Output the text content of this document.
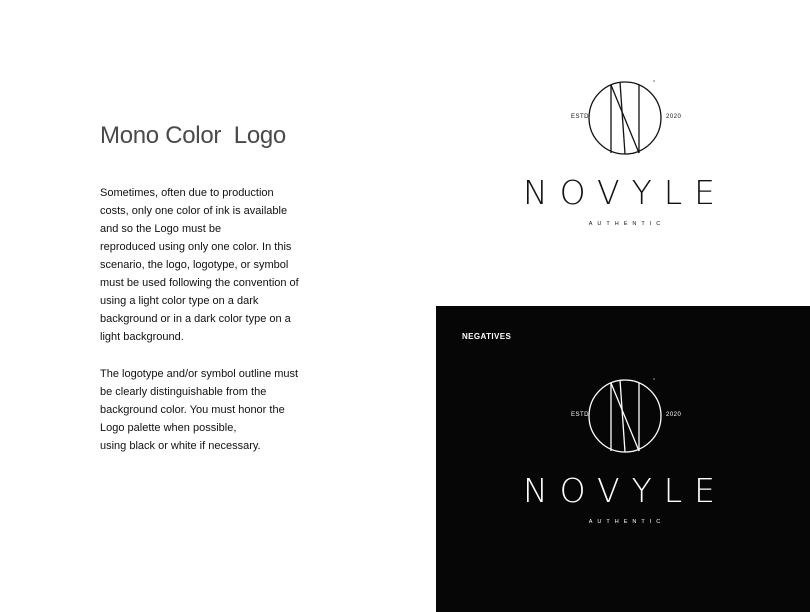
Mono Color  Logo
Sometimes, often due to production
costs, only one color of ink is available
and so the Logo must be
reproduced using only one color. In this
scenario, the logo, logotype, or symbol
must be used following the convention of
using a light color type on a dark
background or in a dark color type on a
light background.
The logotype and/or symbol outline must
be clearly distinguishable from the
background color. You must honor the
Logo palette when possible,
using black or white if necessary.
ESTD	2020
NOVYLE
AUTHENTIC
NEGATIVES
ESTD	2020
NOVYLE
AUTHENTIC
